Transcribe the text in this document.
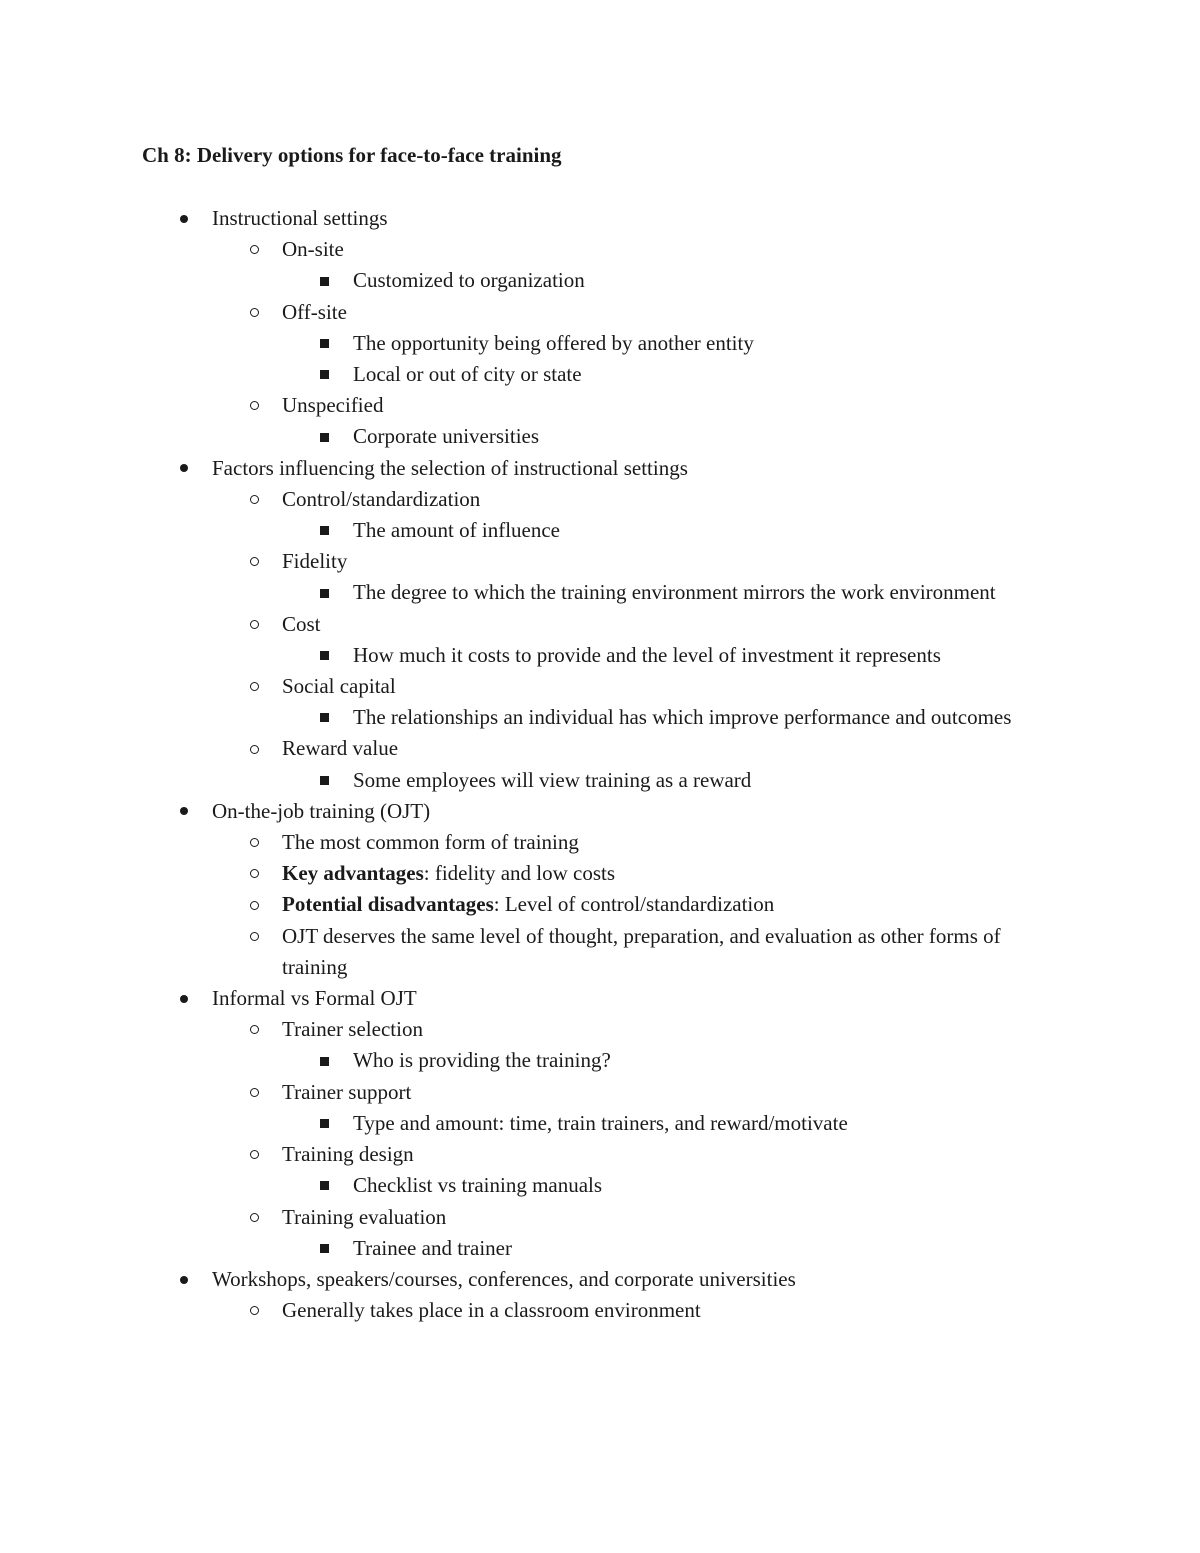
Ch 8: Delivery options for face-to-face training
Instructional settings
On-site
Customized to organization
Off-site
The opportunity being offered by another entity
Local or out of city or state
Unspecified
Corporate universities
Factors influencing the selection of instructional settings
Control/standardization
The amount of influence
Fidelity
The degree to which the training environment mirrors the work environment
Cost
How much it costs to provide and the level of investment it represents
Social capital
The relationships an individual has which improve performance and outcomes
Reward value
Some employees will view training as a reward
On-the-job training (OJT)
The most common form of training
Key advantages: fidelity and low costs
Potential disadvantages: Level of control/standardization
OJT deserves the same level of thought, preparation, and evaluation as other forms of training
Informal vs Formal OJT
Trainer selection
Who is providing the training?
Trainer support
Type and amount: time, train trainers, and reward/motivate
Training design
Checklist vs training manuals
Training evaluation
Trainee and trainer
Workshops, speakers/courses, conferences, and corporate universities
Generally takes place in a classroom environment
